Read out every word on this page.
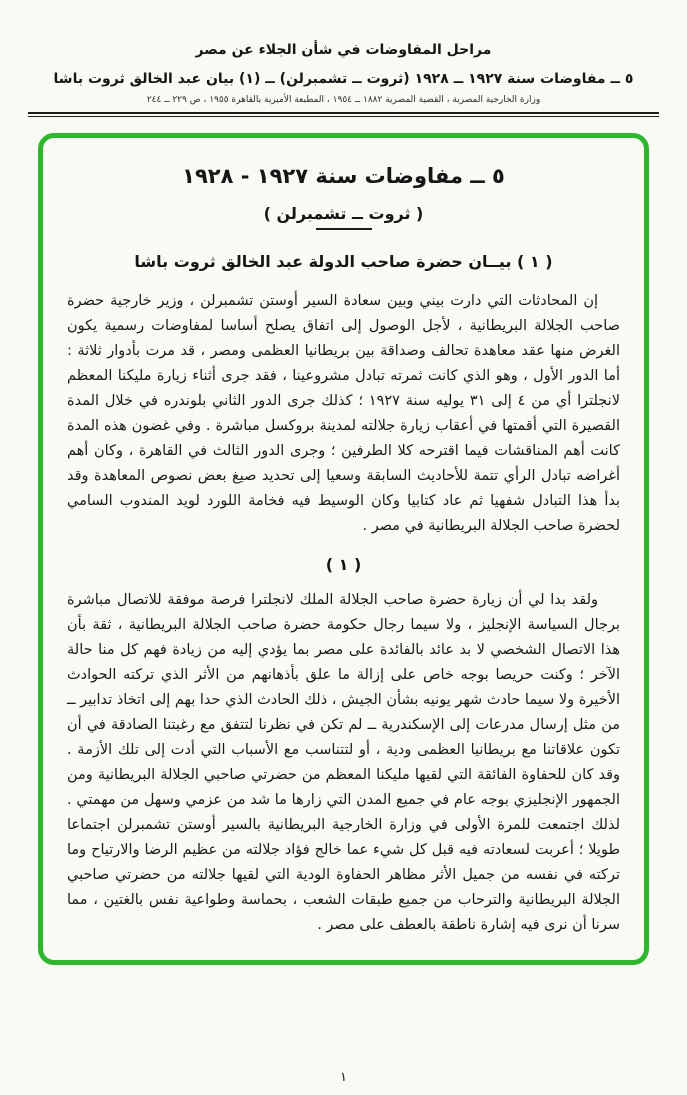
مراحل المفاوضات في شأن الجلاء عن مصر
٥ ــ مفاوضات سنة ١٩٢٧ ــ ١٩٢٨ (ثروت ــ تشمبرلن) ــ (١) بيان عبد الخالق ثروت باشا
وزارة الخارجية المصرية ، القضية المصرية ١٨٨٢ ــ ١٩٥٤ ، المطبعة الأميرية بالقاهرة ١٩٥٥ ، ص ٢٢٩ ــ ٢٤٤
٥ ــ مفاوضات سنة ١٩٢٧ - ١٩٢٨
( ثروت ــ تشمبرلن )
( ١ ) بيــان حضرة صاحب الدولة عبد الخالق ثروت باشا

إن المحادثات التي دارت بيني وبين سعادة السير أوستن تشمبرلن ، وزير خارجية حضرة صاحب الجلالة البريطانية ، لأجل الوصول إلى اتفاق يصلح أساسا لمفاوضات رسمية يكون الغرض منها عقد معاهدة تحالف وصداقة بين بريطانيا العظمى ومصر ، قد مرت بأدوار ثلاثة : أما الدور الأول ، وهو الذي كانت ثمرته تبادل مشروعينا ، فقد جرى أثناء زيارة مليكنا المعظم لانجلترا أي من ٤ إلى ٣١ يوليه سنة ١٩٢٧ ؛ كذلك جرى الدور الثاني بلوندره في خلال المدة القصيرة التي أقمتها في أعقاب زيارة جلالته لمدينة بروكسل مباشرة . وفي غضون هذه المدة كانت أهم المناقشات فيما اقترحه كلا الطرفين ؛ وجرى الدور الثالث في القاهرة ، وكان أهم أغراضه تبادل الرأي تتمة للأحاديث السابقة وسعيا إلى تحديد صيغ بعض نصوص المعاهدة وقد بدأ هذا التبادل شفهيا ثم عاد كتابيا وكان الوسيط فيه فخامة اللورد لويد المندوب السامي لحضرة صاحب الجلالة البريطانية في مصر .

( ١ )

ولقد بدا لي أن زيارة حضرة صاحب الجلالة الملك لانجلترا فرصة موفقة للاتصال مباشرة برجال السياسة الإنجليز ، ولا سيما رجال حكومة حضرة صاحب الجلالة البريطانية ، ثقة بأن هذا الاتصال الشخصي لا بد عائد بالفائدة على مصر بما يؤدي إليه من زيادة فهم كل منا حالة الآخر ؛ وكنت حريصا بوجه خاص على إزالة ما علق بأذهانهم من الأثر الذي تركته الحوادث الأخيرة ولا سيما حادث شهر يونيه بشأن الجيش ، ذلك الحادث الذي حدا بهم إلى اتخاذ تدابير ــ من مثل إرسال مدرعات إلى الإسكندرية ــ لم تكن في نظرنا لتتفق مع رغبتنا الصادقة في أن تكون علاقاتنا مع بريطانيا العظمى ودية ، أو لتتناسب مع الأسباب التي أدت إلى تلك الأزمة . وقد كان للحفاوة الفائقة التي لقيها مليكنا المعظم من حضرتي صاحبي الجلالة البريطانية ومن الجمهور الإنجليزي بوجه عام في جميع المدن التي زارها ما شد من عزمي وسهل من مهمتي . لذلك اجتمعت للمرة الأولى في وزارة الخارجية البريطانية بالسير أوستن تشمبرلن اجتماعا طويلا ؛ أعربت لسعادته فيه قبل كل شيء عما خالج فؤاد جلالته من عظيم الرضا والارتياح وما تركته في نفسه من جميل الأثر مظاهر الحفاوة الودية التي لقيها جلالته من حضرتي صاحبي الجلالة البريطانية والترحاب من جميع طبقات الشعب ، بحماسة وطواعية نفس بالغتين ، مما سرنا أن نرى فيه إشارة ناطقة بالعطف على مصر .

١
